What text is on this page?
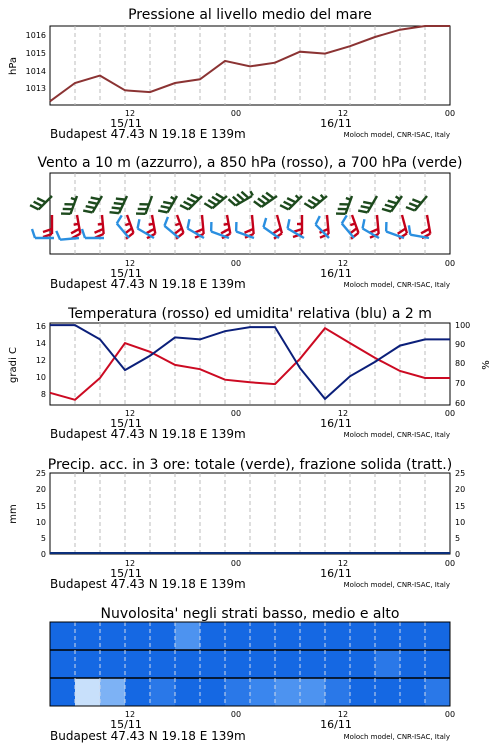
Pressione al livello medio del mare
1013
1014
1015
1016
hPa
12	00	12	00
15/11	16/11
Budapest 47.43 N 19.18 E 139m	Moloch model, CNR-ISAC, Italy
Vento a 10 m (azzurro), a 850 hPa (rosso), a 700 hPa (verde)
12	00	12	00
15/11	16/11
Budapest 47.43 N 19.18 E 139m	Moloch model, CNR-ISAC, Italy
Temperatura (rosso) ed umidita' relativa (blu) a 2 m
8
10
12
14
16
60
70
80
90
100
gradi C	%
12	00	12	00
15/11	16/11
Budapest 47.43 N 19.18 E 139m	Moloch model, CNR-ISAC, Italy
Precip. acc. in 3 ore: totale (verde), frazione solida (tratt.)
0
5
10
15
20
25
0
5
10
15
20
25
mm
12	00	12	00
15/11	16/11
Budapest 47.43 N 19.18 E 139m	Moloch model, CNR-ISAC, Italy
Nuvolosita' negli strati basso, medio e alto
12	00	12	00
15/11	16/11
Budapest 47.43 N 19.18 E 139m	Moloch model, CNR-ISAC, Italy
